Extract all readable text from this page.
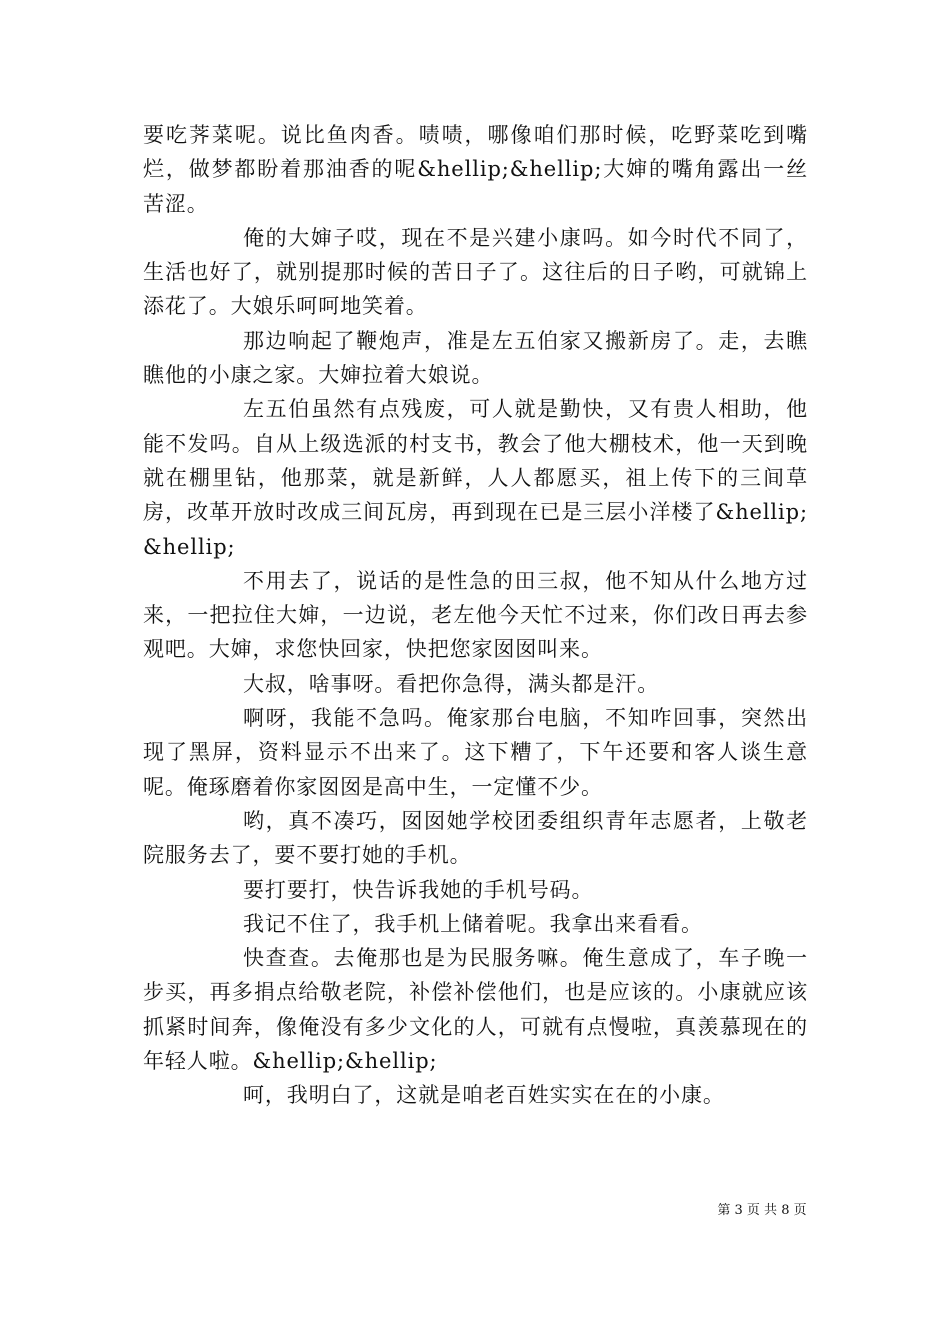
要吃荠菜呢。说比鱼肉香。啧啧，哪像咱们那时候，吃野菜吃到嘴烂，做梦都盼着那油香的呢&hellip;&hellip;大婶的嘴角露出一丝苦涩。

俺的大婶子哎，现在不是兴建小康吗。如今时代不同了，生活也好了，就别提那时候的苦日子了。这往后的日子哟，可就锦上添花了。大娘乐呵呵地笑着。

那边响起了鞭炮声，准是左五伯家又搬新房了。走，去瞧瞧他的小康之家。大婶拉着大娘说。

左五伯虽然有点残废，可人就是勤快，又有贵人相助，他能不发吗。自从上级选派的村支书，教会了他大棚枝术，他一天到晚就在棚里钻，他那菜，就是新鲜，人人都愿买，祖上传下的三间草房，改革开放时改成三间瓦房，再到现在已是三层小洋楼了&hellip;&hellip;

不用去了，说话的是性急的田三叔，他不知从什么地方过来，一把拉住大婶，一边说，老左他今天忙不过来，你们改日再去参观吧。大婶，求您快回家，快把您家囡囡叫来。

大叔，啥事呀。看把你急得，满头都是汗。

啊呀，我能不急吗。俺家那台电脑，不知咋回事，突然出现了黑屏，资料显示不出来了。这下糟了，下午还要和客人谈生意呢。俺琢磨着你家囡囡是高中生，一定懂不少。

哟，真不凑巧，囡囡她学校团委组织青年志愿者，上敬老院服务去了，要不要打她的手机。

要打要打，快告诉我她的手机号码。

我记不住了，我手机上储着呢。我拿出来看看。

快查查。去俺那也是为民服务嘛。俺生意成了，车子晚一步买，再多捐点给敬老院，补偿补偿他们，也是应该的。小康就应该抓紧时间奔，像俺没有多少文化的人，可就有点慢啦，真羡慕现在的年轻人啦。&hellip;&hellip;

呵，我明白了，这就是咱老百姓实实在在的小康。

第 3 页 共 8 页
